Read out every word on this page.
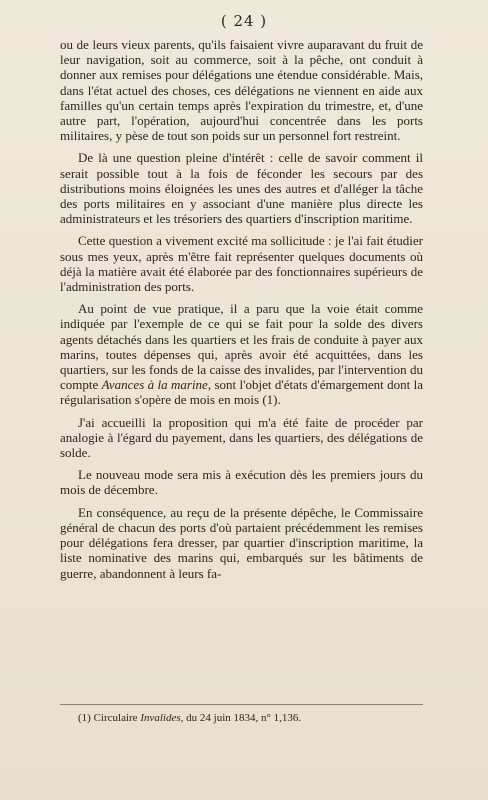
( 24 )

ou de leurs vieux parents, qu'ils faisaient vivre auparavant du fruit de leur navigation, soit au commerce, soit à la pêche, ont conduit à donner aux remises pour délégations une étendue considérable. Mais, dans l'état actuel des choses, ces délégations ne viennent en aide aux familles qu'un certain temps après l'expiration du trimestre, et, d'une autre part, l'opération, aujourd'hui concentrée dans les ports militaires, y pèse de tout son poids sur un personnel fort restreint.

De là une question pleine d'intérêt : celle de savoir comment il serait possible tout à la fois de féconder les secours par des distributions moins éloignées les unes des autres et d'alléger la tâche des ports militaires en y associant d'une manière plus directe les administrateurs et les trésoriers des quartiers d'inscription maritime.

Cette question a vivement excité ma sollicitude : je l'ai fait étudier sous mes yeux, après m'être fait représenter quelques documents où déjà la matière avait été élaborée par des fonctionnaires supérieurs de l'administration des ports.

Au point de vue pratique, il a paru que la voie était comme indiquée par l'exemple de ce qui se fait pour la solde des divers agents détachés dans les quartiers et les frais de conduite à payer aux marins, toutes dépenses qui, après avoir été acquittées, dans les quartiers, sur les fonds de la caisse des invalides, par l'intervention du compte Avances à la marine, sont l'objet d'états d'émargement dont la régularisation s'opère de mois en mois (1).

J'ai accueilli la proposition qui m'a été faite de procéder par analogie à l'égard du payement, dans les quartiers, des délégations de solde.

Le nouveau mode sera mis à exécution dès les premiers jours du mois de décembre.

En conséquence, au reçu de la présente dépêche, le Commissaire général de chacun des ports d'où partaient précédemment les remises pour délégations fera dresser, par quartier d'inscription maritime, la liste nominative des marins qui, embarqués sur les bâtiments de guerre, abandonnent à leurs fa-

(1) Circulaire Invalides, du 24 juin 1834, n° 1,136.
